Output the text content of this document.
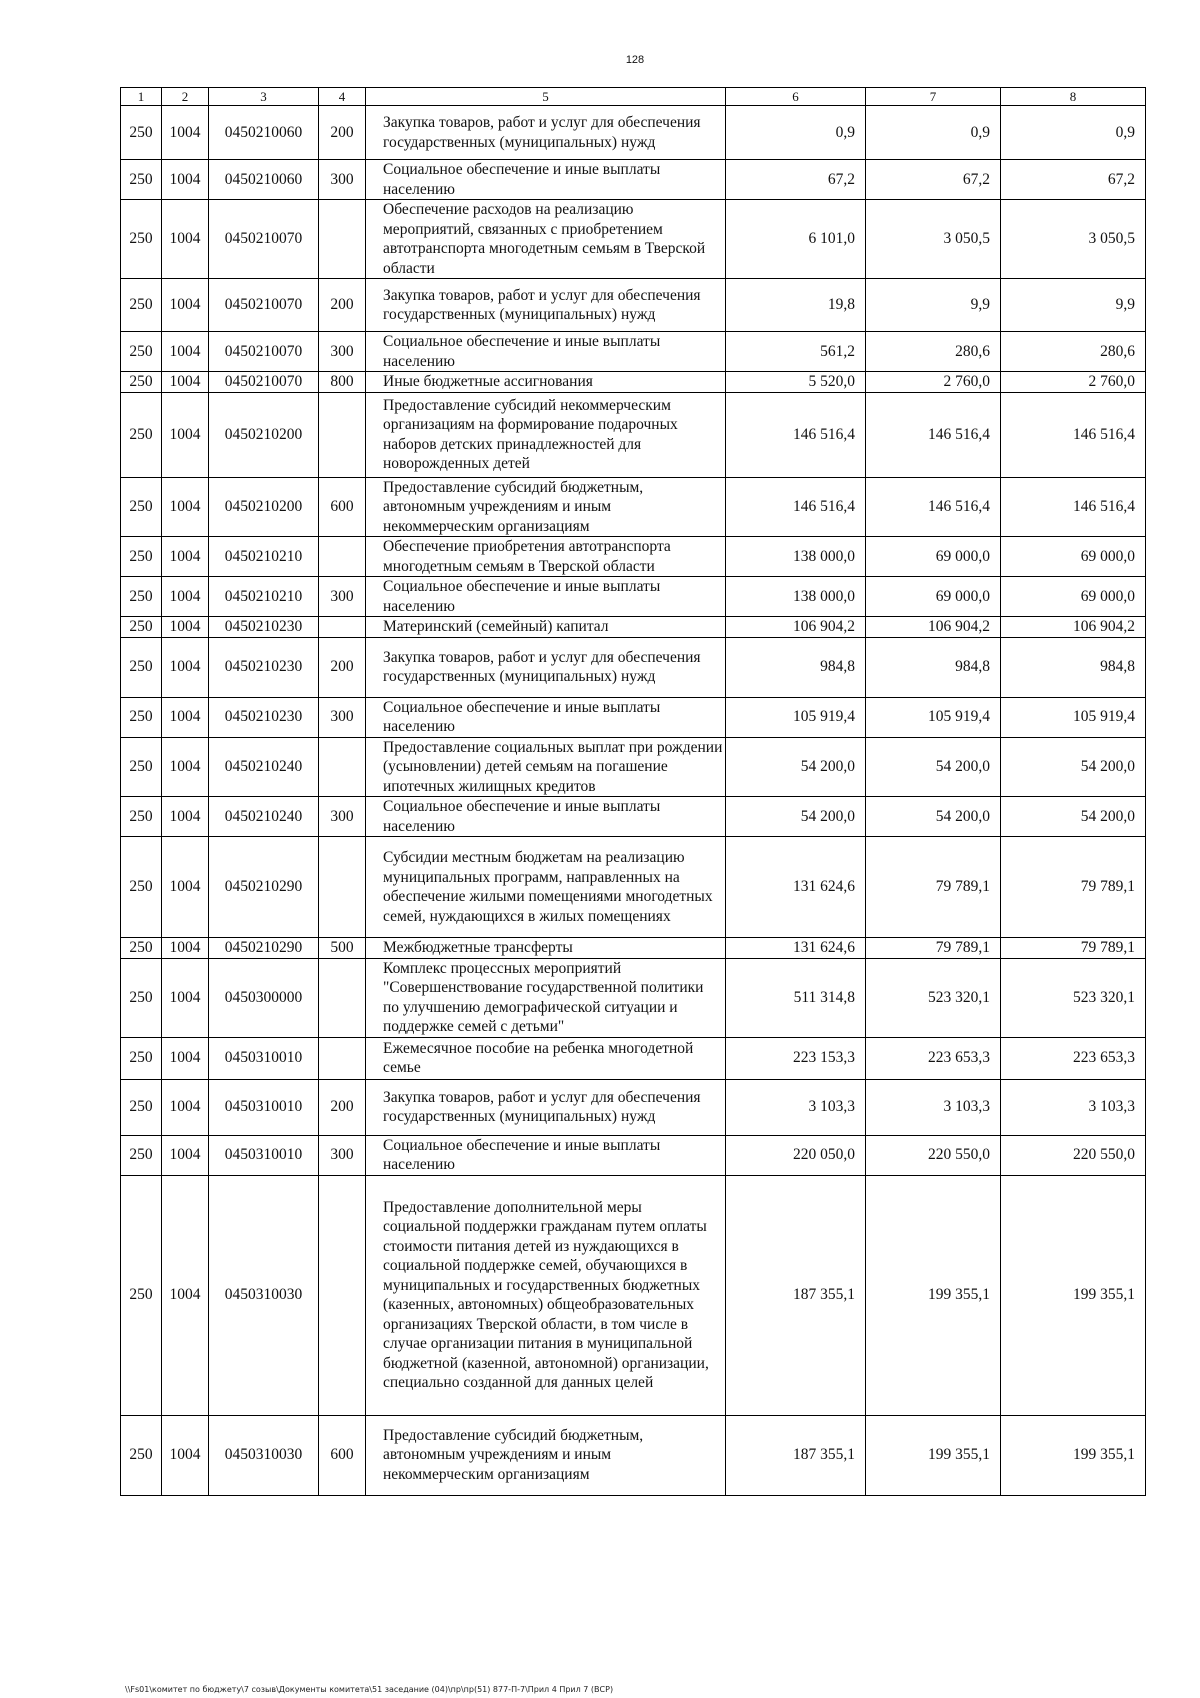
128
1	2	3	4	5	6	7	8
250	1004	0450210060	200	Закупка товаров, работ и услуг для обеспечения государственных (муниципальных) нужд	0,9	0,9	0,9
250	1004	0450210060	300	Социальное обеспечение и иные выплаты населению	67,2	67,2	67,2
250	1004	0450210070		Обеспечение расходов на реализацию мероприятий, связанных с приобретением автотранспорта многодетным семьям в Тверской области	6 101,0	3 050,5	3 050,5
250	1004	0450210070	200	Закупка товаров, работ и услуг для обеспечения государственных (муниципальных) нужд	19,8	9,9	9,9
250	1004	0450210070	300	Социальное обеспечение и иные выплаты населению	561,2	280,6	280,6
250	1004	0450210070	800	Иные бюджетные ассигнования	5 520,0	2 760,0	2 760,0
250	1004	0450210200		Предоставление субсидий некоммерческим организациям на формирование подарочных наборов детских принадлежностей для новорожденных детей	146 516,4	146 516,4	146 516,4
250	1004	0450210200	600	Предоставление субсидий бюджетным, автономным учреждениям и иным некоммерческим организациям	146 516,4	146 516,4	146 516,4
250	1004	0450210210		Обеспечение приобретения автотранспорта многодетным семьям в Тверской области	138 000,0	69 000,0	69 000,0
250	1004	0450210210	300	Социальное обеспечение и иные выплаты населению	138 000,0	69 000,0	69 000,0
250	1004	0450210230		Материнский (семейный) капитал	106 904,2	106 904,2	106 904,2
250	1004	0450210230	200	Закупка товаров, работ и услуг для обеспечения государственных (муниципальных) нужд	984,8	984,8	984,8
250	1004	0450210230	300	Социальное обеспечение и иные выплаты населению	105 919,4	105 919,4	105 919,4
250	1004	0450210240		Предоставление социальных выплат при рождении (усыновлении) детей семьям на погашение ипотечных жилищных кредитов	54 200,0	54 200,0	54 200,0
250	1004	0450210240	300	Социальное обеспечение и иные выплаты населению	54 200,0	54 200,0	54 200,0
250	1004	0450210290		Субсидии местным бюджетам на реализацию муниципальных программ, направленных на обеспечение жилыми помещениями многодетных семей, нуждающихся в жилых помещениях	131 624,6	79 789,1	79 789,1
250	1004	0450210290	500	Межбюджетные трансферты	131 624,6	79 789,1	79 789,1
250	1004	0450300000		Комплекс процессных мероприятий "Совершенствование государственной политики по улучшению демографической ситуации и поддержке семей с детьми"	511 314,8	523 320,1	523 320,1
250	1004	0450310010		Ежемесячное пособие на ребенка многодетной семье	223 153,3	223 653,3	223 653,3
250	1004	0450310010	200	Закупка товаров, работ и услуг для обеспечения государственных (муниципальных) нужд	3 103,3	3 103,3	3 103,3
250	1004	0450310010	300	Социальное обеспечение и иные выплаты населению	220 050,0	220 550,0	220 550,0
250	1004	0450310030		Предоставление дополнительной меры социальной поддержки гражданам путем оплаты стоимости питания детей из нуждающихся в социальной поддержке семей, обучающихся в муниципальных и государственных бюджетных (казенных, автономных) общеобразовательных организациях Тверской области, в том числе в случае организации питания в муниципальной бюджетной (казенной, автономной) организации, специально созданной для данных целей	187 355,1	199 355,1	199 355,1
250	1004	0450310030	600	Предоставление субсидий бюджетным, автономным учреждениям и иным некоммерческим организациям	187 355,1	199 355,1	199 355,1
\\Fs01\комитет по бюджету\7 созыв\Документы комитета\51 заседание (04)\пр\пр(51) 877-П-7\Прил 4 Прил 7 (ВСР)
